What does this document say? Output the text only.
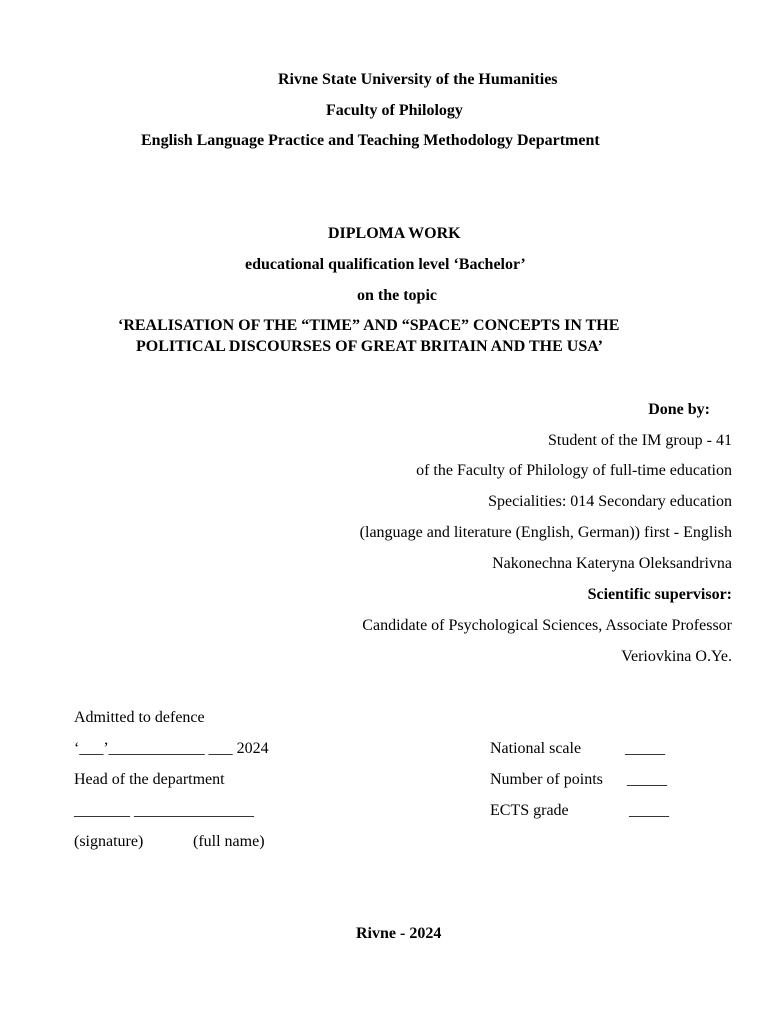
Rivne State University of the Humanities
Faculty of Philology
English Language Practice and Teaching Methodology Department
DIPLOMA WORK
educational qualification level ‘Bachelor’
on the topic
‘REALISATION OF THE “TIME” AND “SPACE” CONCEPTS IN THE
POLITICAL DISCOURSES OF GREAT BRITAIN AND THE USA’
Done by:
Student of the IM group - 41
of the Faculty of Philology of full-time education
Specialities: 014 Secondary education
(language and literature (English, German)) first - English
Nakonechna Kateryna Oleksandrivna
Scientific supervisor:
Candidate of Psychological Sciences, Associate Professor
Veriovkina O.Ye.
Admitted to defence
‘___’____________ ___ 2024
Head of the department
_______ _______________
(signature)	(full name)
National scale	_____
Number of points _____
ECTS grade	_____
Rivne - 2024
